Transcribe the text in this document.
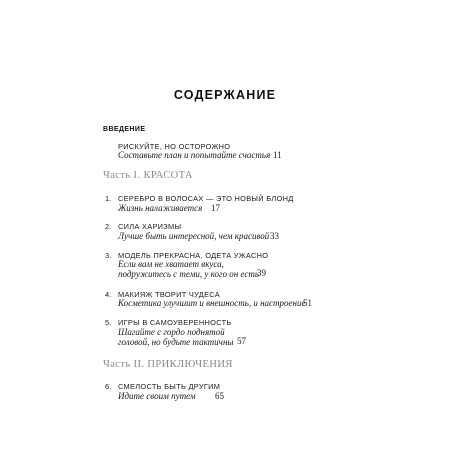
СОДЕРЖАНИЕ
ВВЕДЕНИЕ
РИСКУЙТЕ, НО ОСТОРОЖНО
Составьте план и попытайте счастья 11
Часть I. КРАСОТА
1. СЕРЕБРО В ВОЛОСАХ — ЭТО НОВЫЙ БЛОНД
Жизнь налаживается 17
2. СИЛА ХАРИЗМЫ
Лучше быть интересной, чем красивой 33
3. МОДЕЛЬ ПРЕКРАСНА, ОДЕТА УЖАСНО
Если вам не хватает вкуса,
подружитесь с теми, у кого он есть
39
4. МАКИЯЖ ТВОРИТ ЧУДЕСА
Косметика улучшит и внешность, и настроение
51
5. ИГРЫ В САМОУВЕРЕННОСТЬ
Шагайте с гордо поднятой
головой, но будьте тактичны 57
Часть II. ПРИКЛЮЧЕНИЯ
6. СМЕЛОСТЬ БЫТЬ ДРУГИМ
Идите своим путем 65
